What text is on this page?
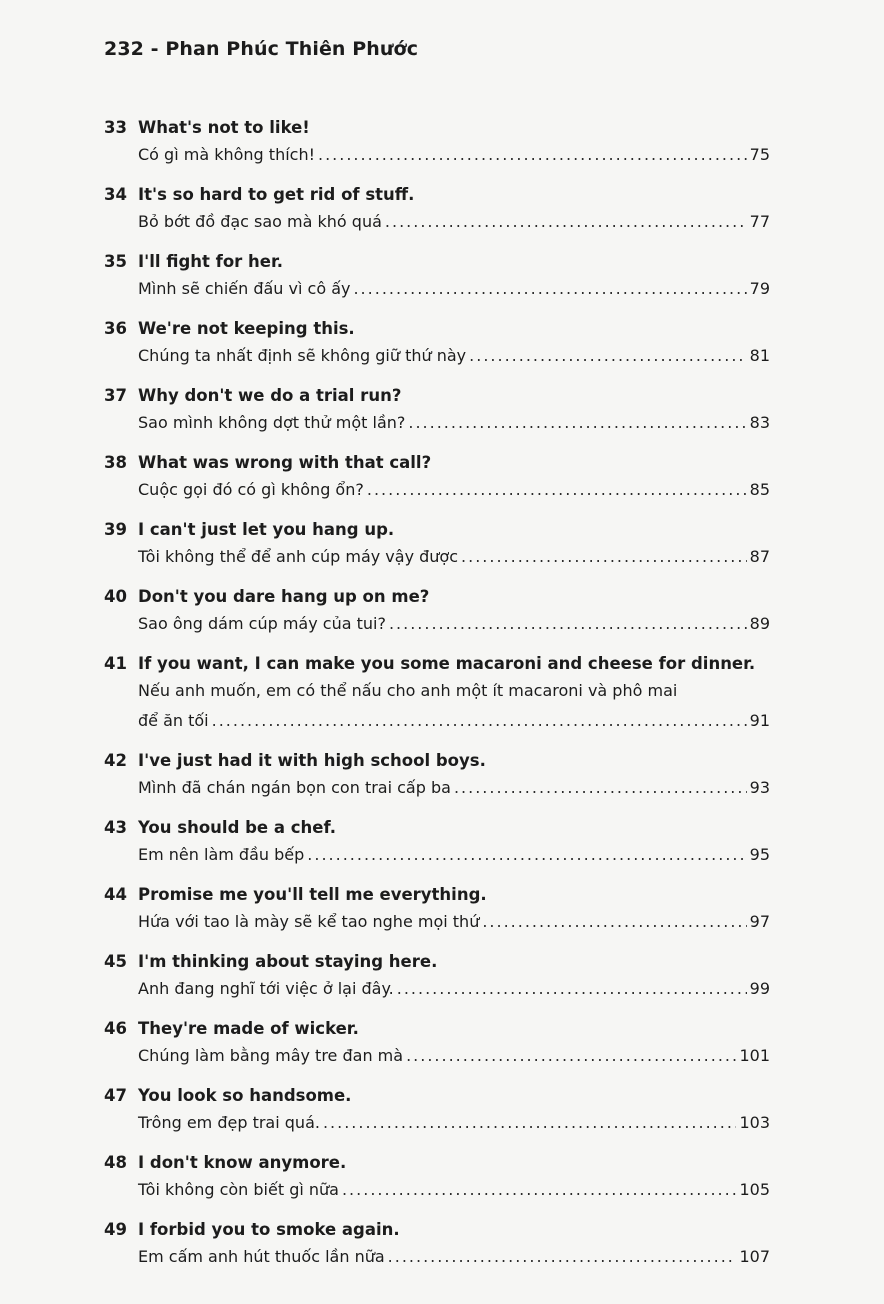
232 - Phan Phúc Thiên Phước
33 What's not to like!
Có gì mà không thích! .....	75
34 It's so hard to get rid of stuff.
Bỏ bớt đồ đạc sao mà khó quá .....	77
35 I'll fight for her.
Mình sẽ chiến đấu vì cô ấy .....	79
36 We're not keeping this.
Chúng ta nhất định sẽ không giữ thứ này .....	81
37 Why don't we do a trial run?
Sao mình không dợt thử một lần? .....	83
38 What was wrong with that call?
Cuộc gọi đó có gì không ổn? .....	85
39 I can't just let you hang up.
Tôi không thể để anh cúp máy vậy được .....	87
40 Don't you dare hang up on me?
Sao ông dám cúp máy của tui? .....	89
41 If you want, I can make you some macaroni and cheese for dinner.
Nếu anh muốn, em có thể nấu cho anh một ít macaroni và phô mai
để ăn tối .....	91
42 I've just had it with high school boys.
Mình đã chán ngán bọn con trai cấp ba .....	93
43 You should be a chef.
Em nên làm đầu bếp .....	95
44 Promise me you'll tell me everything.
Hứa với tao là mày sẽ kể tao nghe mọi thứ .....	97
45 I'm thinking about staying here.
Anh đang nghĩ tới việc ở lại đây. .....	99
46 They're made of wicker.
Chúng làm bằng mây tre đan mà .....	101
47 You look so handsome.
Trông em đẹp trai quá. .....	103
48 I don't know anymore.
Tôi không còn biết gì nữa .....	105
49 I forbid you to smoke again.
Em cấm anh hút thuốc lần nữa .....	107
